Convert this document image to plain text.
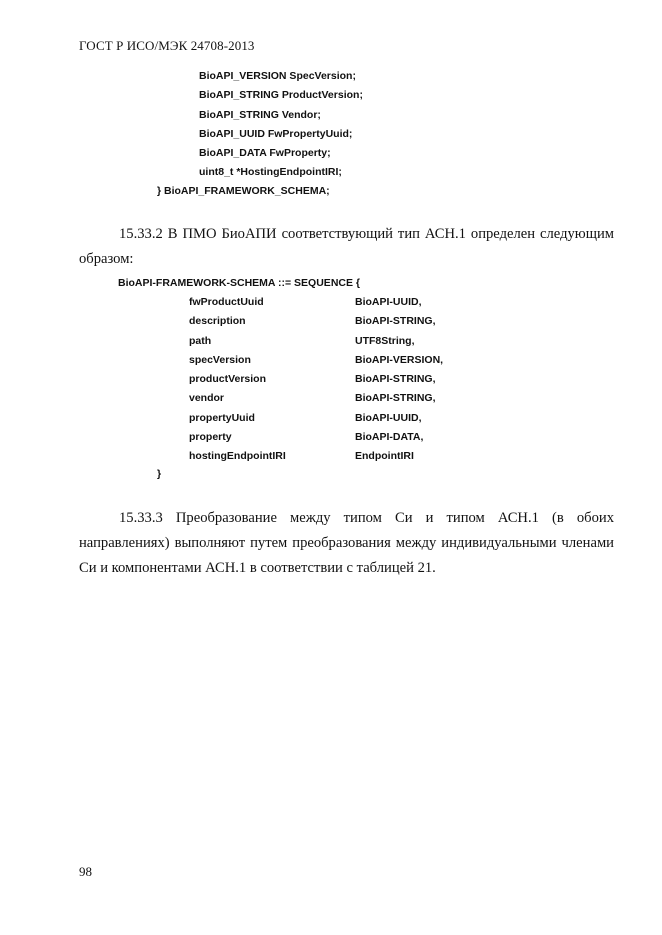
ГОСТ Р ИСО/МЭК 24708-2013
BioAPI_VERSION SpecVersion;
BioAPI_STRING ProductVersion;
BioAPI_STRING Vendor;
BioAPI_UUID FwPropertyUuid;
BioAPI_DATA FwProperty;
uint8_t *HostingEndpointIRI;
} BioAPI_FRAMEWORK_SCHEMA;
15.33.2 В ПМО БиоАПИ соответствующий тип АСН.1 определен следующим образом:
BioAPI-FRAMEWORK-SCHEMA ::= SEQUENCE {
fwProductUuid	BioAPI-UUID,
description	BioAPI-STRING,
path	UTF8String,
specVersion	BioAPI-VERSION,
productVersion	BioAPI-STRING,
vendor	BioAPI-STRING,
propertyUuid	BioAPI-UUID,
property	BioAPI-DATA,
hostingEndpointIRI	EndpointIRI
}
15.33.3 Преобразование между типом Си и типом АСН.1 (в обоих направлениях) выполняют путем преобразования между индивидуальными членами Си и компонентами АСН.1 в соответствии с таблицей 21.
98
